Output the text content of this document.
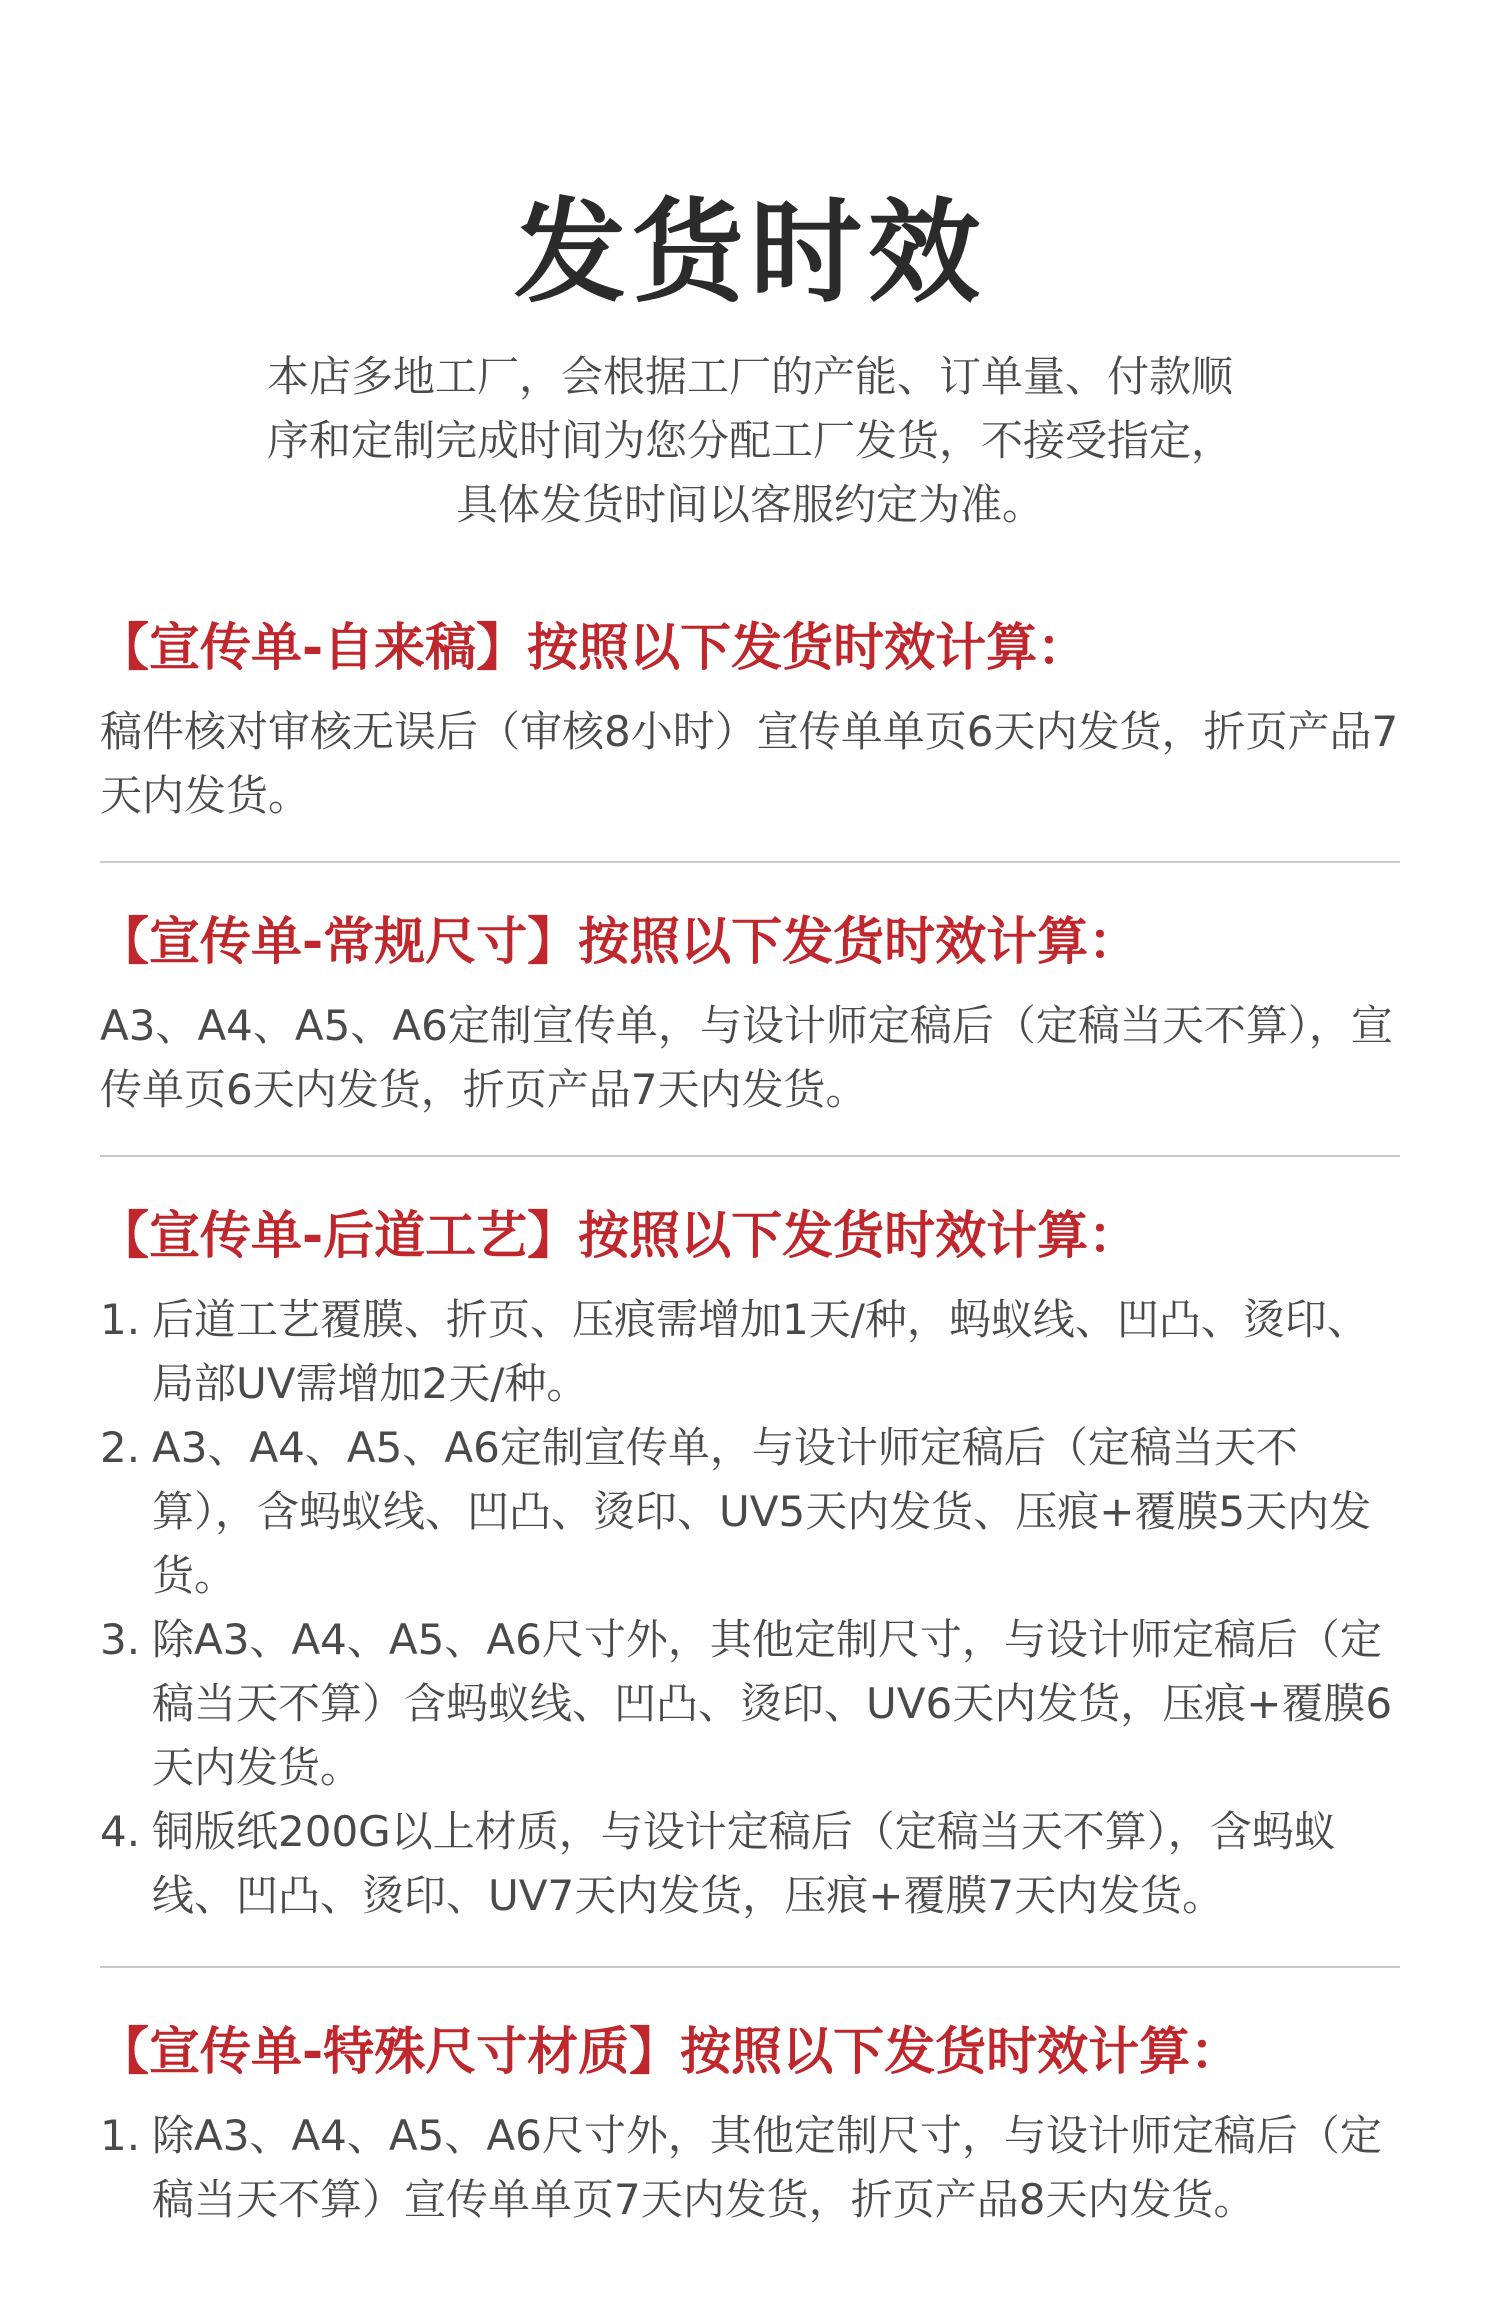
发货时效
本店多地工厂，会根据工厂的产能、订单量、付款顺
序和定制完成时间为您分配工厂发货，不接受指定，
具体发货时间以客服约定为准。
【宣传单-自来稿】按照以下发货时效计算：
稿件核对审核无误后（审核8小时）宣传单单页6天内发货，折页产品7天内发货。
【宣传单-常规尺寸】按照以下发货时效计算：
A3、A4、A5、A6定制宣传单，与设计师定稿后（定稿当天不算），宣传单页6天内发货，折页产品7天内发货。
【宣传单-后道工艺】按照以下发货时效计算：
1. 后道工艺覆膜、折页、压痕需增加1天/种，蚂蚁线、凹凸、烫印、局部UV需增加2天/种。
2. A3、A4、A5、A6定制宣传单，与设计师定稿后（定稿当天不算），含蚂蚁线、凹凸、烫印、UV5天内发货、压痕+覆膜5天内发货。
3. 除A3、A4、A5、A6尺寸外，其他定制尺寸，与设计师定稿后（定稿当天不算）含蚂蚁线、凹凸、烫印、UV6天内发货，压痕+覆膜6天内发货。
4. 铜版纸200G以上材质，与设计定稿后（定稿当天不算），含蚂蚁线、凹凸、烫印、UV7天内发货，压痕+覆膜7天内发货。
【宣传单-特殊尺寸材质】按照以下发货时效计算：
1. 除A3、A4、A5、A6尺寸外，其他定制尺寸，与设计师定稿后（定稿当天不算）宣传单单页7天内发货，折页产品8天内发货。
